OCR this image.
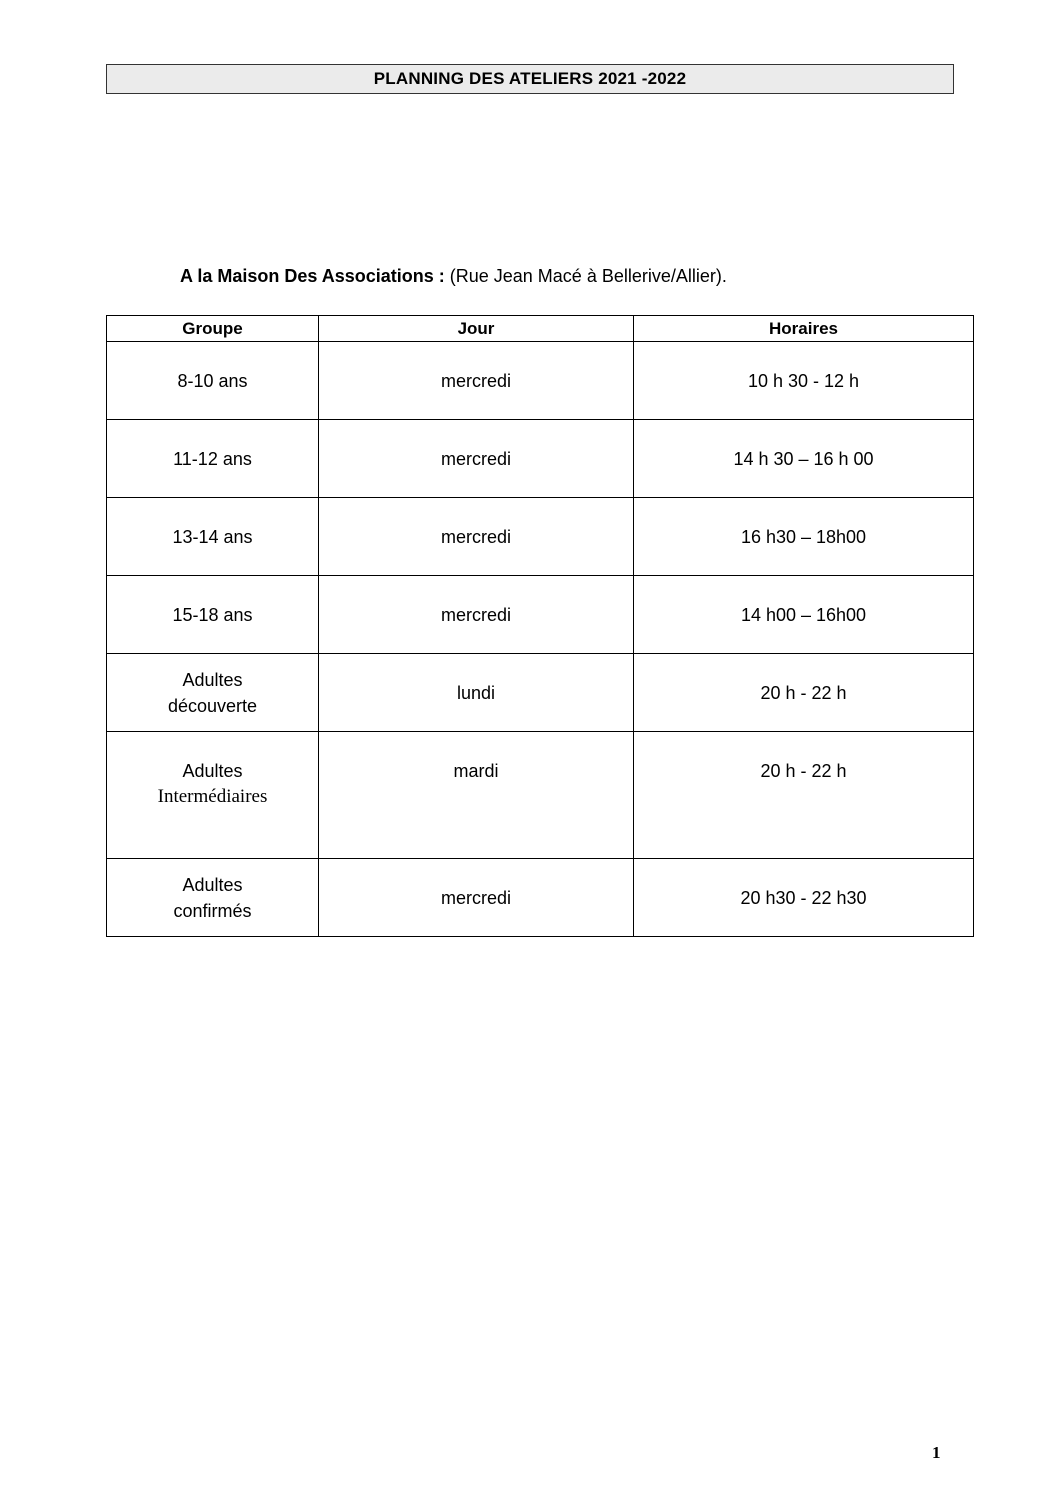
PLANNING DES ATELIERS 2021 -2022
A la Maison Des Associations : (Rue Jean Macé à Bellerive/Allier).
Groupe	Jour	Horaires
8-10 ans	mercredi	10 h 30 - 12 h
11-12 ans	mercredi	14 h 30 – 16 h 00
13-14 ans	mercredi	16 h30 – 18h00
15-18 ans	mercredi	14 h00 – 16h00

Adultes
découverte	lundi	20 h - 22 h

Adultes
Intermédiaires	mardi	20 h - 22 h

Adultes
confirmés	mercredi	20 h30 - 22 h30
1
